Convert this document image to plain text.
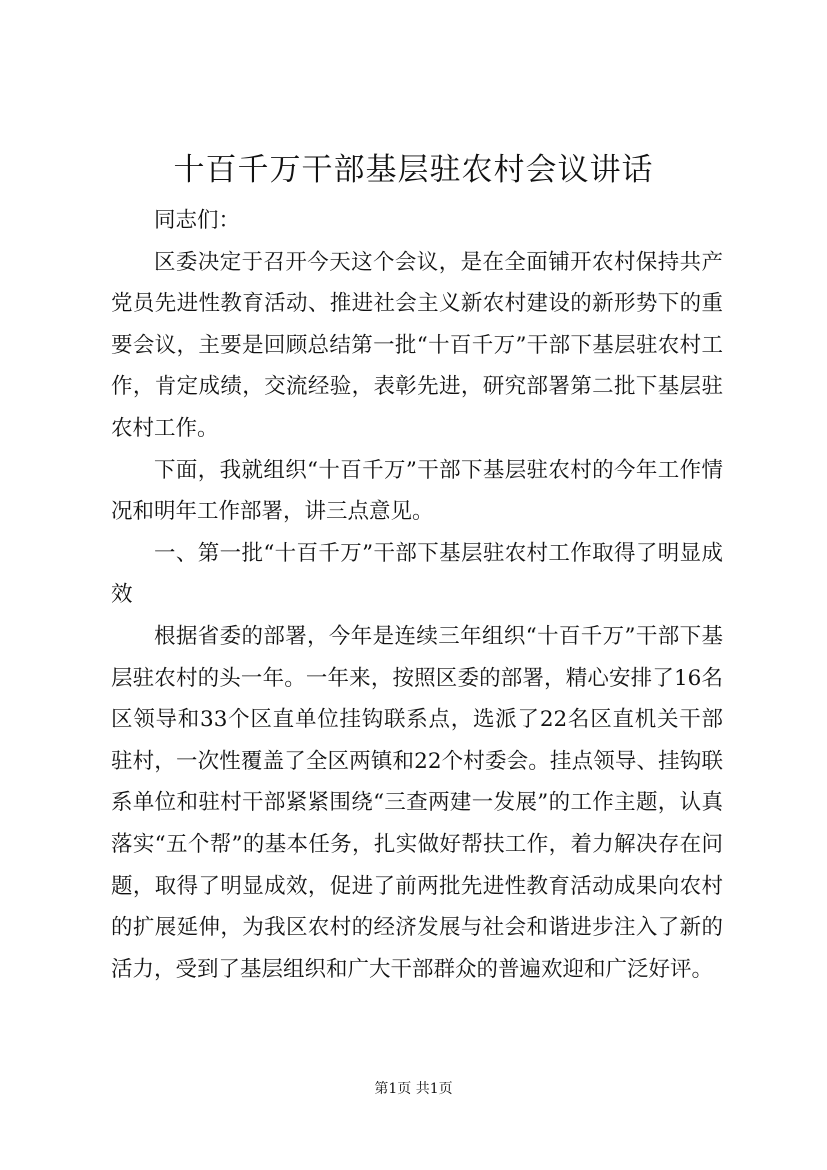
十百千万干部基层驻农村会议讲话

同志们：

区委决定于召开今天这个会议，是在全面铺开农村保持共产党员先进性教育活动、推进社会主义新农村建设的新形势下的重要会议，主要是回顾总结第一批“十百千万”干部下基层驻农村工作，肯定成绩，交流经验，表彰先进，研究部署第二批下基层驻农村工作。

下面，我就组织“十百千万”干部下基层驻农村的今年工作情况和明年工作部署，讲三点意见。

一、第一批“十百千万”干部下基层驻农村工作取得了明显成效

根据省委的部署，今年是连续三年组织“十百千万”干部下基层驻农村的头一年。一年来，按照区委的部署，精心安排了16名区领导和33个区直单位挂钩联系点，选派了22名区直机关干部驻村，一次性覆盖了全区两镇和22个村委会。挂点领导、挂钩联系单位和驻村干部紧紧围绕“三查两建一发展”的工作主题，认真落实“五个帮”的基本任务，扎实做好帮扶工作，着力解决存在问题，取得了明显成效，促进了前两批先进性教育活动成果向农村的扩展延伸，为我区农村的经济发展与社会和谐进步注入了新的活力，受到了基层组织和广大干部群众的普遍欢迎和广泛好评。

第1页 共1页
